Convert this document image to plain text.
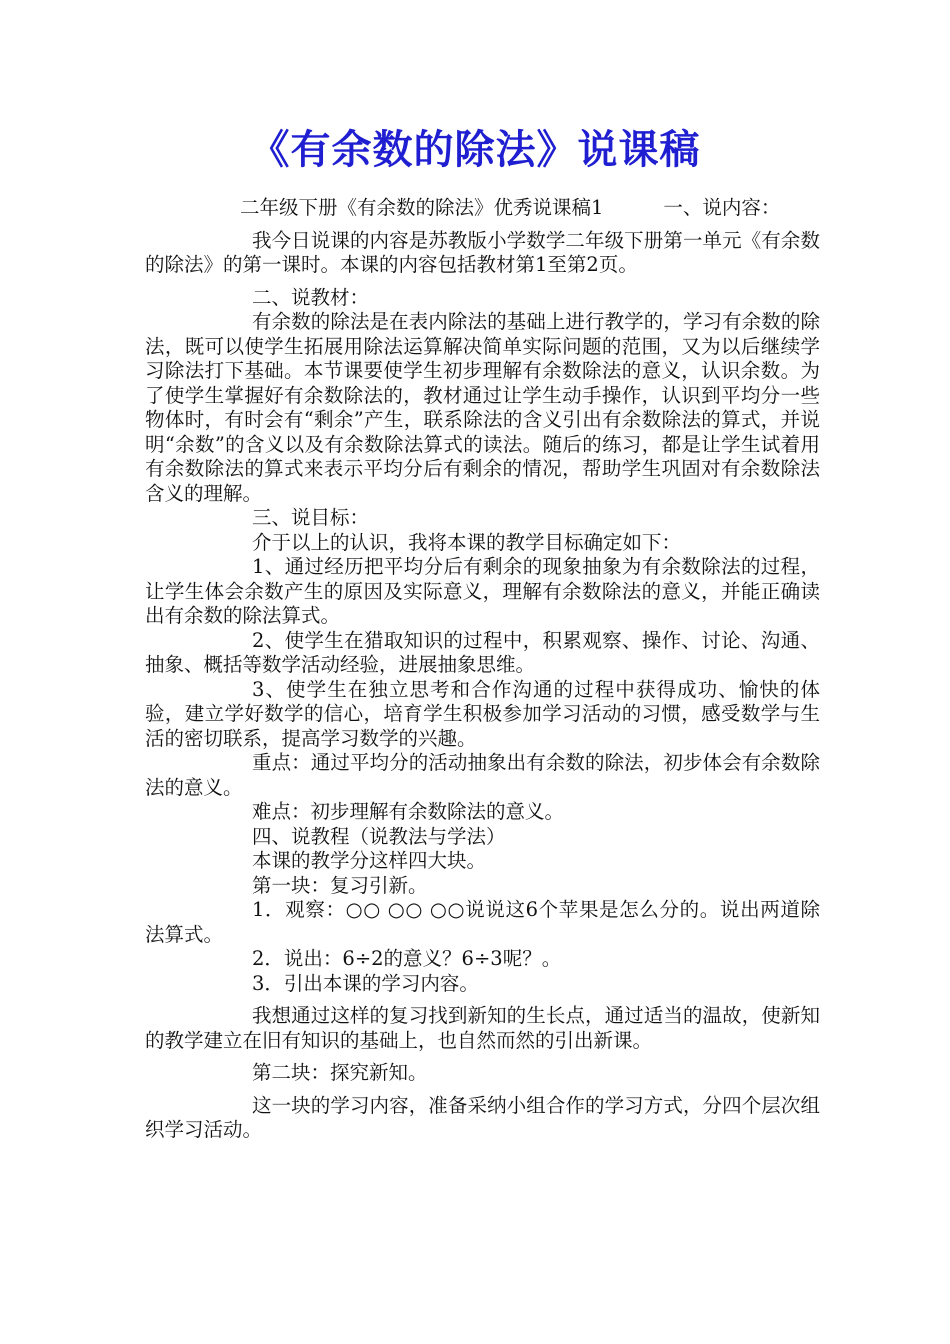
《有余数的除法》说课稿

二年级下册《有余数的除法》优秀说课稿1	一、说内容：

我今日说课的内容是苏教版小学数学二年级下册第一单元《有余数的除法》的第一课时。本课的内容包括教材第1至第2页。

二、说教材：

有余数的除法是在表内除法的基础上进行教学的，学习有余数的除法，既可以使学生拓展用除法运算解决简单实际问题的范围，又为以后继续学习除法打下基础。本节课要使学生初步理解有余数除法的意义，认识余数。为了使学生掌握好有余数除法的，教材通过让学生动手操作，认识到平均分一些物体时，有时会有“剩余”产生，联系除法的含义引出有余数除法的算式，并说明“余数”的含义以及有余数除法算式的读法。随后的练习，都是让学生试着用有余数除法的算式来表示平均分后有剩余的情况，帮助学生巩固对有余数除法含义的理解。

三、说目标：

介于以上的认识，我将本课的教学目标确定如下：

1、通过经历把平均分后有剩余的现象抽象为有余数除法的过程，让学生体会余数产生的原因及实际意义，理解有余数除法的意义，并能正确读出有余数的除法算式。

2、使学生在猎取知识的过程中，积累观察、操作、讨论、沟通、抽象、概括等数学活动经验，进展抽象思维。

3、使学生在独立思考和合作沟通的过程中获得成功、愉快的体验，建立学好数学的信心，培育学生积极参加学习活动的习惯，感受数学与生活的密切联系，提高学习数学的兴趣。

重点：通过平均分的活动抽象出有余数的除法，初步体会有余数除法的意义。

难点：初步理解有余数除法的意义。

四、说教程（说教法与学法）

本课的教学分这样四大块。

第一块：复习引新。

1．观察：○○ ○○ ○○说说这6个苹果是怎么分的。说出两道除法算式。

2．说出：6÷2的意义？6÷3呢？。

3．引出本课的学习内容。

我想通过这样的复习找到新知的生长点，通过适当的温故，使新知的教学建立在旧有知识的基础上，也自然而然的引出新课。

第二块：探究新知。

这一块的学习内容，准备采纳小组合作的学习方式，分四个层次组织学习活动。
